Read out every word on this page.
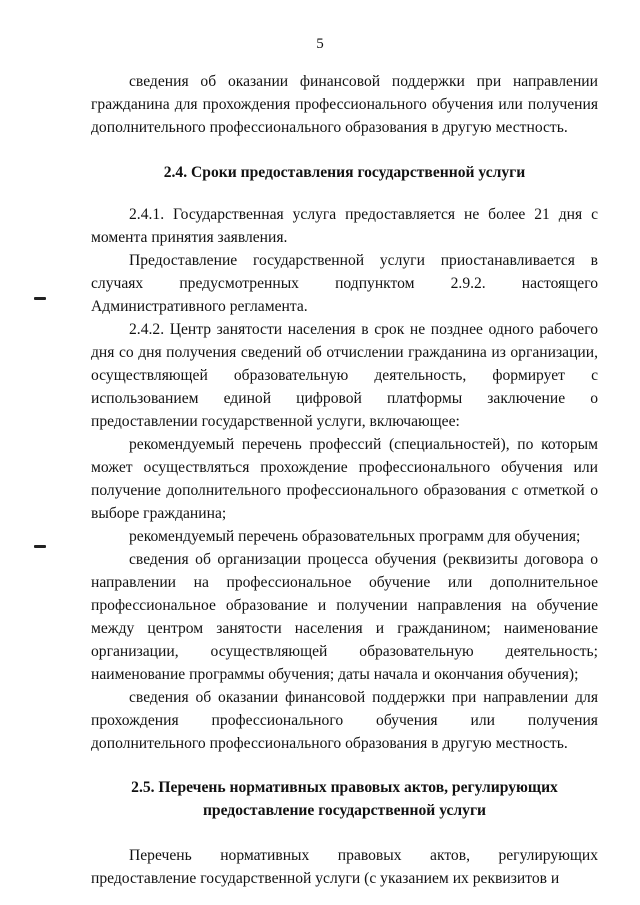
5

сведения об оказании финансовой поддержки при направлении гражданина для прохождения профессионального обучения или получения дополнительного профессионального образования в другую местность.

2.4. Сроки предоставления государственной услуги

2.4.1. Государственная услуга предоставляется не более 21 дня с момента принятия заявления.

Предоставление государственной услуги приостанавливается в случаях предусмотренных подпунктом 2.9.2. настоящего Административного регламента.

2.4.2. Центр занятости населения в срок не позднее одного рабочего дня со дня получения сведений об отчислении гражданина из организации, осуществляющей образовательную деятельность, формирует с использованием единой цифровой платформы заключение о предоставлении государственной услуги, включающее:

рекомендуемый перечень профессий (специальностей), по которым может осуществляться прохождение профессионального обучения или получение дополнительного профессионального образования с отметкой о выборе гражданина;

рекомендуемый перечень образовательных программ для обучения;

сведения об организации процесса обучения (реквизиты договора о направлении на профессиональное обучение или дополнительное профессиональное образование и получении направления на обучение между центром занятости населения и гражданином; наименование организации, осуществляющей образовательную деятельность; наименование программы обучения; даты начала и окончания обучения);

сведения об оказании финансовой поддержки при направлении для прохождения профессионального обучения или получения дополнительного профессионального образования в другую местность.

2.5. Перечень нормативных правовых актов, регулирующих
предоставление государственной услуги

Перечень нормативных правовых актов, регулирующих предоставление государственной услуги (с указанием их реквизитов и
